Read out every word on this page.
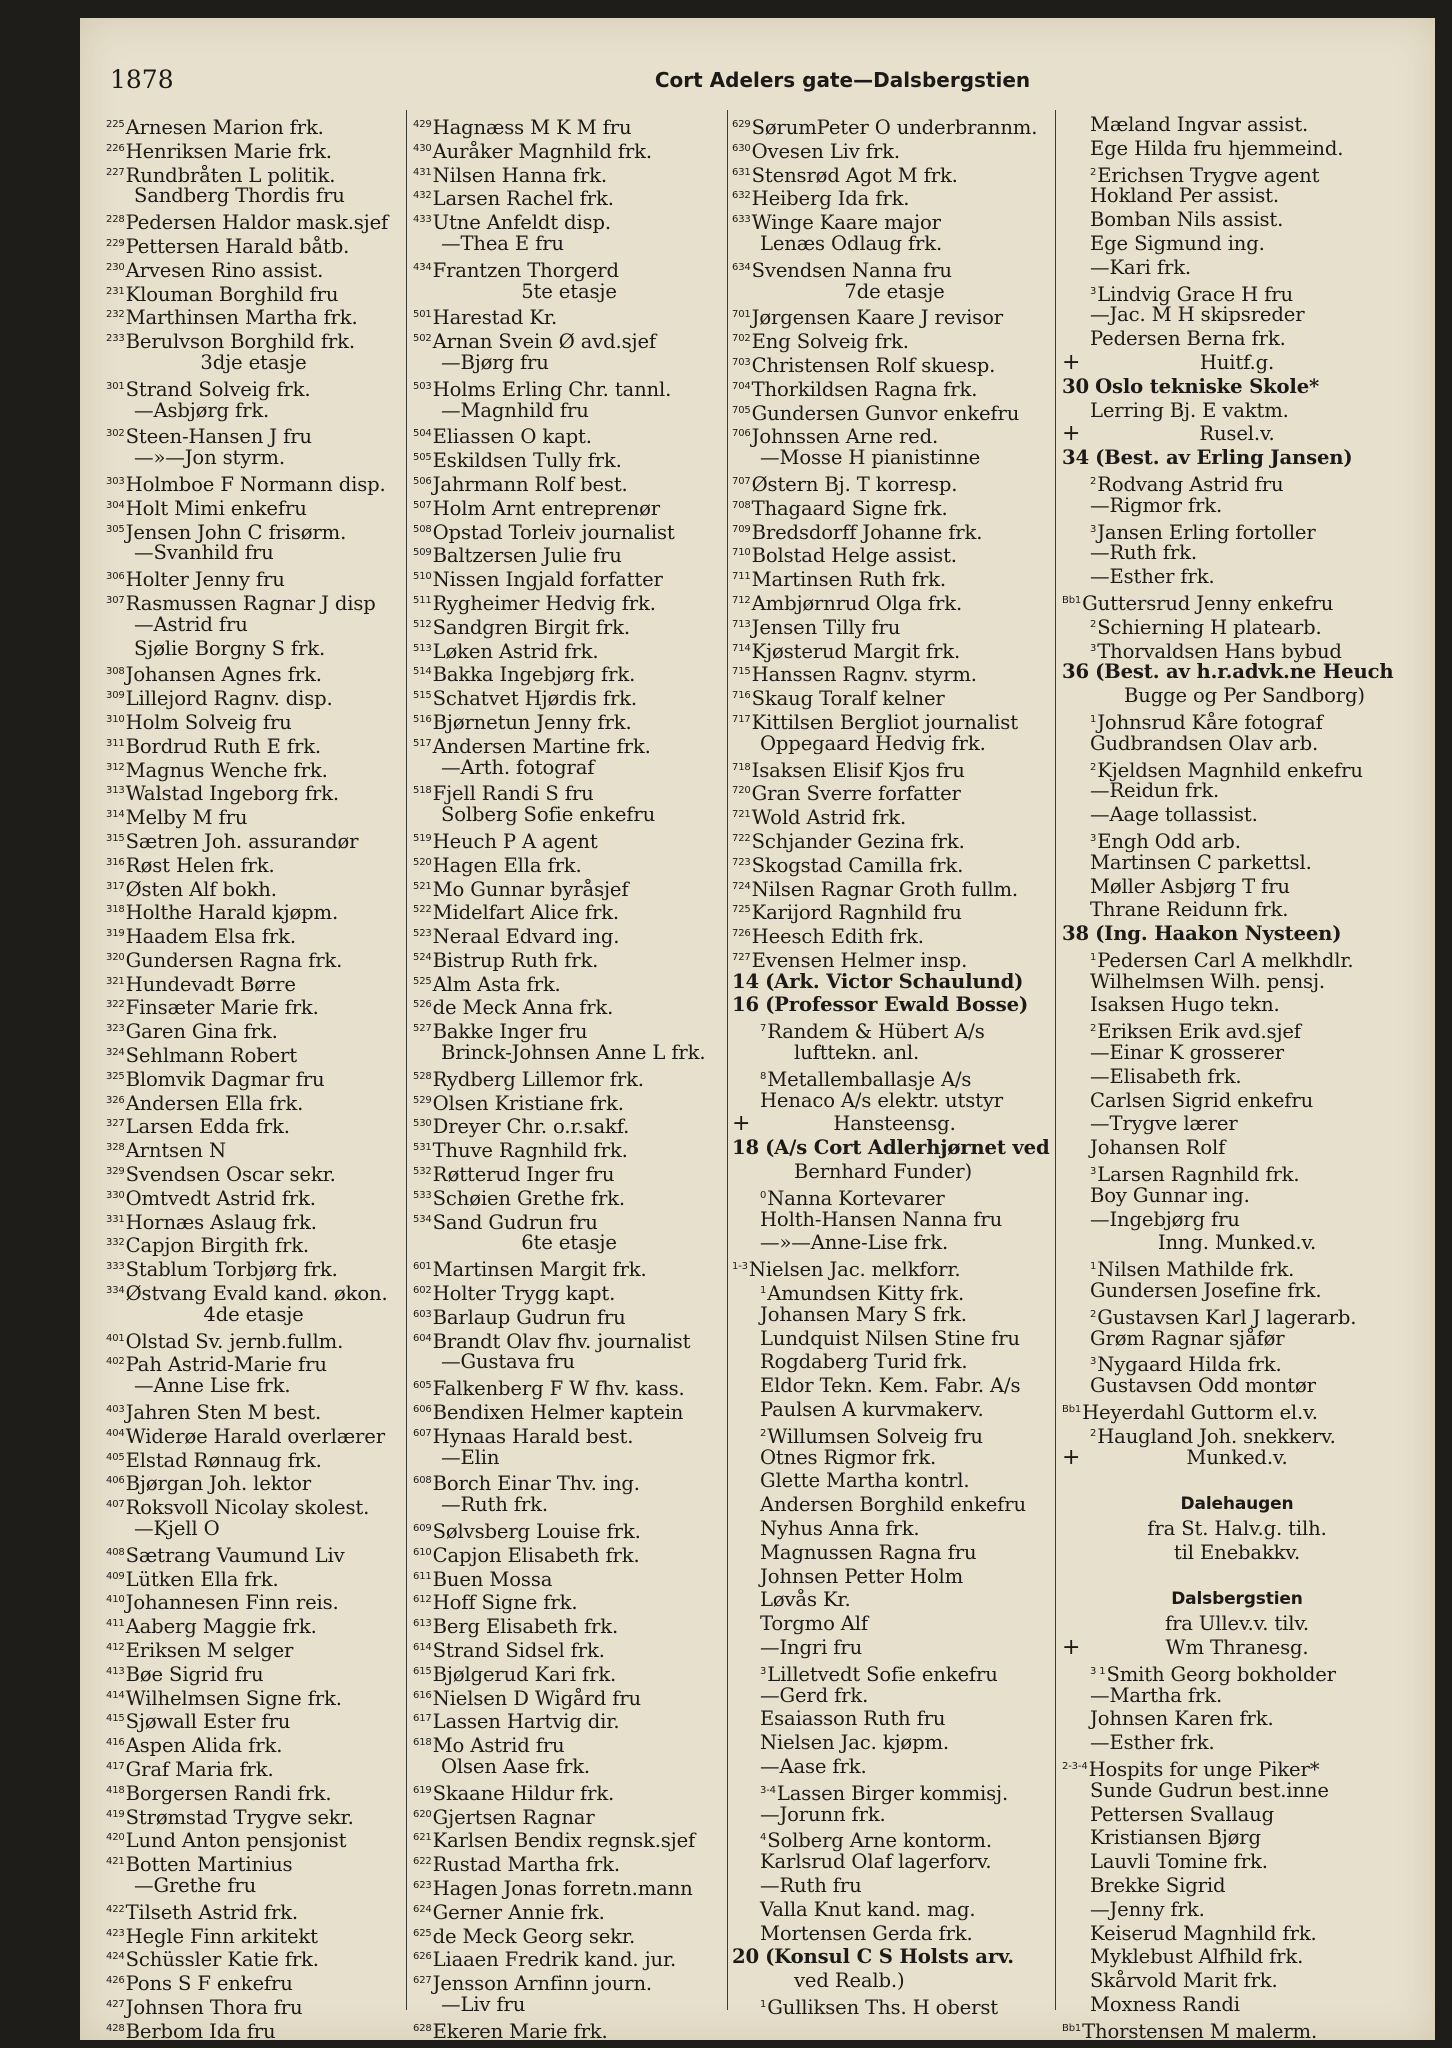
1878	Cort Adelers gate—Dalsbergstien
$^{225}$Arnesen Marion frk.
$^{226}$Henriksen Marie frk.
$^{227}$Rundbråten L politik.
Sandberg Thordis fru
$^{228}$Pedersen Haldor mask.sjef
$^{229}$Pettersen Harald båtb.
$^{230}$Arvesen Rino assist.
$^{231}$Klouman Borghild fru
$^{232}$Marthinsen Martha frk.
$^{233}$Berulvson Borghild frk.
3dje etasje
$^{301}$Strand Solveig frk.
—Asbjørg frk.
$^{302}$Steen-Hansen J fru
—»—Jon styrm.
$^{303}$Holmboe F Normann disp.
$^{304}$Holt Mimi enkefru
$^{305}$Jensen John C frisørm.
—Svanhild fru
$^{306}$Holter Jenny fru
$^{307}$Rasmussen Ragnar J disp
—Astrid fru
Sjølie Borgny S frk.
$^{308}$Johansen Agnes frk.
$^{309}$Lillejord Ragnv. disp.
$^{310}$Holm Solveig fru
$^{311}$Bordrud Ruth E frk.
$^{312}$Magnus Wenche frk.
$^{313}$Walstad Ingeborg frk.
$^{314}$Melby M fru
$^{315}$Sætren Joh. assurandør
$^{316}$Røst Helen frk.
$^{317}$Østen Alf bokh.
$^{318}$Holthe Harald kjøpm.
$^{319}$Haadem Elsa frk.
$^{320}$Gundersen Ragna frk.
$^{321}$Hundevadt Børre
$^{322}$Finsæter Marie frk.
$^{323}$Garen Gina frk.
$^{324}$Sehlmann Robert
$^{325}$Blomvik Dagmar fru
$^{326}$Andersen Ella frk.
$^{327}$Larsen Edda frk.
$^{328}$Arntsen N
$^{329}$Svendsen Oscar sekr.
$^{330}$Omtvedt Astrid frk.
$^{331}$Hornæs Aslaug frk.
$^{332}$Capjon Birgith frk.
$^{333}$Stablum Torbjørg frk.
$^{334}$Østvang Evald kand. økon.
4de etasje
$^{401}$Olstad Sv. jernb.fullm.
$^{402}$Pah Astrid-Marie fru
—Anne Lise frk.
$^{403}$Jahren Sten M best.
$^{404}$Widerøe Harald overlærer
$^{405}$Elstad Rønnaug frk.
$^{406}$Bjørgan Joh. lektor
$^{407}$Roksvoll Nicolay skolest.
—Kjell O
$^{408}$Sætrang Vaumund Liv
$^{409}$Lütken Ella frk.
$^{410}$Johannesen Finn reis.
$^{411}$Aaberg Maggie frk.
$^{412}$Eriksen M selger
$^{413}$Bøe Sigrid fru
$^{414}$Wilhelmsen Signe frk.
$^{415}$Sjøwall Ester fru
$^{416}$Aspen Alida frk.
$^{417}$Graf Maria frk.
$^{418}$Borgersen Randi frk.
$^{419}$Strømstad Trygve sekr.
$^{420}$Lund Anton pensjonist
$^{421}$Botten Martinius
—Grethe fru
$^{422}$Tilseth Astrid frk.
$^{423}$Hegle Finn arkitekt
$^{424}$Schüssler Katie frk.
$^{426}$Pons S F enkefru
$^{427}$Johnsen Thora fru
$^{428}$Berbom Ida fru
$^{429}$Hagnæss M K M fru
$^{430}$Auråker Magnhild frk.
$^{431}$Nilsen Hanna frk.
$^{432}$Larsen Rachel frk.
$^{433}$Utne Anfeldt disp.
—Thea E fru
$^{434}$Frantzen Thorgerd
5te etasje
$^{501}$Harestad Kr.
$^{502}$Arnan Svein Ø avd.sjef
—Bjørg fru
$^{503}$Holms Erling Chr. tannl.
—Magnhild fru
$^{504}$Eliassen O kapt.
$^{505}$Eskildsen Tully frk.
$^{506}$Jahrmann Rolf best.
$^{507}$Holm Arnt entreprenør
$^{508}$Opstad Torleiv journalist
$^{509}$Baltzersen Julie fru
$^{510}$Nissen Ingjald forfatter
$^{511}$Rygheimer Hedvig frk.
$^{512}$Sandgren Birgit frk.
$^{513}$Løken Astrid frk.
$^{514}$Bakka Ingebjørg frk.
$^{515}$Schatvet Hjørdis frk.
$^{516}$Bjørnetun Jenny frk.
$^{517}$Andersen Martine frk.
—Arth. fotograf
$^{518}$Fjell Randi S fru
Solberg Sofie enkefru
$^{519}$Heuch P A agent
$^{520}$Hagen Ella frk.
$^{521}$Mo Gunnar byråsjef
$^{522}$Midelfart Alice frk.
$^{523}$Neraal Edvard ing.
$^{524}$Bistrup Ruth frk.
$^{525}$Alm Asta frk.
$^{526}$de Meck Anna frk.
$^{527}$Bakke Inger fru
Brinck-Johnsen Anne L frk.
$^{528}$Rydberg Lillemor frk.
$^{529}$Olsen Kristiane frk.
$^{530}$Dreyer Chr. o.r.sakf.
$^{531}$Thuve Ragnhild frk.
$^{532}$Røtterud Inger fru
$^{533}$Schøien Grethe frk.
$^{534}$Sand Gudrun fru
6te etasje
$^{601}$Martinsen Margit frk.
$^{602}$Holter Trygg kapt.
$^{603}$Barlaup Gudrun fru
$^{604}$Brandt Olav fhv. journalist
—Gustava fru
$^{605}$Falkenberg F W fhv. kass.
$^{606}$Bendixen Helmer kaptein
$^{607}$Hynaas Harald best.
—Elin
$^{608}$Borch Einar Thv. ing.
—Ruth frk.
$^{609}$Sølvsberg Louise frk.
$^{610}$Capjon Elisabeth frk.
$^{611}$Buen Mossa
$^{612}$Hoff Signe frk.
$^{613}$Berg Elisabeth frk.
$^{614}$Strand Sidsel frk.
$^{615}$Bjølgerud Kari frk.
$^{616}$Nielsen D Wigård fru
$^{617}$Lassen Hartvig dir.
$^{618}$Mo Astrid fru
Olsen Aase frk.
$^{619}$Skaane Hildur frk.
$^{620}$Gjertsen Ragnar
$^{621}$Karlsen Bendix regnsk.sjef
$^{622}$Rustad Martha frk.
$^{623}$Hagen Jonas forretn.mann
$^{624}$Gerner Annie frk.
$^{625}$de Meck Georg sekr.
$^{626}$Liaaen Fredrik kand. jur.
$^{627}$Jensson Arnfinn journ.
—Liv fru
$^{628}$Ekeren Marie frk.
$^{629}$SørumPeter O underbrannm.
$^{630}$Ovesen Liv frk.
$^{631}$Stensrød Agot M frk.
$^{632}$Heiberg Ida frk.
$^{633}$Winge Kaare major
Lenæs Odlaug frk.
$^{634}$Svendsen Nanna fru
7de etasje
$^{701}$Jørgensen Kaare J revisor
$^{702}$Eng Solveig frk.
$^{703}$Christensen Rolf skuesp.
$^{704}$Thorkildsen Ragna frk.
$^{705}$Gundersen Gunvor enkefru
$^{706}$Johnssen Arne red.
—Mosse H pianistinne
$^{707}$Østern Bj. T korresp.
$^{708}$Thagaard Signe frk.
$^{709}$Bredsdorff Johanne frk.
$^{710}$Bolstad Helge assist.
$^{711}$Martinsen Ruth frk.
$^{712}$Ambjørnrud Olga frk.
$^{713}$Jensen Tilly fru
$^{714}$Kjøsterud Margit frk.
$^{715}$Hanssen Ragnv. styrm.
$^{716}$Skaug Toralf kelner
$^{717}$Kittilsen Bergliot journalist
Oppegaard Hedvig frk.
$^{718}$Isaksen Elisif Kjos fru
$^{720}$Gran Sverre forfatter
$^{721}$Wold Astrid frk.
$^{722}$Schjander Gezina frk.
$^{723}$Skogstad Camilla frk.
$^{724}$Nilsen Ragnar Groth fullm.
$^{725}$Karijord Ragnhild fru
$^{726}$Heesch Edith frk.
$^{727}$Evensen Helmer insp.
14 (Ark. Victor Schaulund)
16 (Professor Ewald Bosse)
$^7$Randem & Hübert A/s
lufttekn. anl.
$^8$Metallemballasje A/s
Henaco A/s elektr. utstyr
+	Hansteensg.
18 (A/s Cort Adlerhjørnet ved
Bernhard Funder)
$^0$Nanna Kortevarer
Holth-Hansen Nanna fru
—»—Anne-Lise frk.
$^{1-3}$Nielsen Jac. melkforr.
$^1$Amundsen Kitty frk.
Johansen Mary S frk.
Lundquist Nilsen Stine fru
Rogdaberg Turid frk.
Eldor Tekn. Kem. Fabr. A/s
Paulsen A kurvmakerv.
$^2$Willumsen Solveig fru
Otnes Rigmor frk.
Glette Martha kontrl.
Andersen Borghild enkefru
Nyhus Anna frk.
Magnussen Ragna fru
Johnsen Petter Holm
Løvås Kr.
Torgmo Alf
—Ingri fru
$^3$Lilletvedt Sofie enkefru
—Gerd frk.
Esaiasson Ruth fru
Nielsen Jac. kjøpm.
—Aase frk.
$^{3-4}$Lassen Birger kommisj.
—Jorunn frk.
$^4$Solberg Arne kontorm.
Karlsrud Olaf lagerforv.
—Ruth fru
Valla Knut kand. mag.
Mortensen Gerda frk.
20 (Konsul C S Holsts arv.
ved Realb.)
$^1$Gulliksen Ths. H oberst
Mæland Ingvar assist.
Ege Hilda fru hjemmeind.
$^2$Erichsen Trygve agent
Hokland Per assist.
Bomban Nils assist.
Ege Sigmund ing.
—Kari frk.
$^3$Lindvig Grace H fru
—Jac. M H skipsreder
Pedersen Berna frk.
+	Huitf.g.
30 Oslo tekniske Skole*
Lerring Bj. E vaktm.
+	Rusel.v.
34 (Best. av Erling Jansen)
$^2$Rodvang Astrid fru
—Rigmor frk.
$^3$Jansen Erling fortoller
—Ruth frk.
—Esther frk.
$^{Bb1}$Guttersrud Jenny enkefru
$^2$Schierning H platearb.
$^3$Thorvaldsen Hans bybud
36 (Best. av h.r.advk.ne Heuch
Bugge og Per Sandborg)
$^1$Johnsrud Kåre fotograf
Gudbrandsen Olav arb.
$^2$Kjeldsen Magnhild enkefru
—Reidun frk.
—Aage tollassist.
$^3$Engh Odd arb.
Martinsen C parkettsl.
Møller Asbjørg T fru
Thrane Reidunn frk.
38 (Ing. Haakon Nysteen)
$^1$Pedersen Carl A melkhdlr.
Wilhelmsen Wilh. pensj.
Isaksen Hugo tekn.
$^2$Eriksen Erik avd.sjef
—Einar K grosserer
—Elisabeth frk.
Carlsen Sigrid enkefru
—Trygve lærer
Johansen Rolf
$^3$Larsen Ragnhild frk.
Boy Gunnar ing.
—Ingebjørg fru
Inng. Munked.v.
$^1$Nilsen Mathilde frk.
Gundersen Josefine frk.
$^2$Gustavsen Karl J lagerarb.
Grøm Ragnar sjåfør
$^3$Nygaard Hilda frk.
Gustavsen Odd montør
$^{Bb1}$Heyerdahl Guttorm el.v.
$^2$Haugland Joh. snekkerv.
+	Munked.v.
Dalehaugen
fra St. Halv.g. tilh.
til Enebakkv.
Dalsbergstien
fra Ullev.v. tilv.
+	Wm Thranesg.
$^{3 1}$Smith Georg bokholder
—Martha frk.
Johnsen Karen frk.
—Esther frk.
$^{2-3-4}$Hospits for unge Piker*
Sunde Gudrun best.inne
Pettersen Svallaug
Kristiansen Bjørg
Lauvli Tomine frk.
Brekke Sigrid
—Jenny frk.
Keiserud Magnhild frk.
Myklebust Alfhild frk.
Skårvold Marit frk.
Moxness Randi
$^{Bb1}$Thorstensen M malerm.
